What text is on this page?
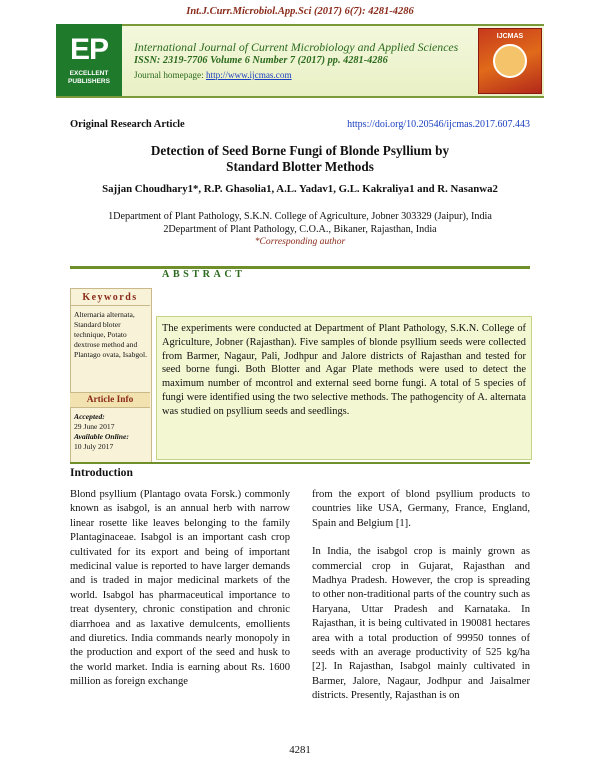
Int.J.Curr.Microbiol.App.Sci (2017) 6(7): 4281-4286
EP
EXCELLENT PUBLISHERS
International Journal of Current Microbiology and Applied Sciences
ISSN: 2319-7706 Volume 6 Number 7 (2017) pp. 4281-4286
Journal homepage: http://www.ijcmas.com
IJCMAS
Original Research Article	https://doi.org/10.20546/ijcmas.2017.607.443
Detection of Seed Borne Fungi of Blonde Psyllium by
Standard Blotter Methods
Sajjan Choudhary1*, R.P. Ghasolia1, A.L. Yadav1, G.L. Kakraliya1 and R. Nasanwa2
1Department of Plant Pathology, S.K.N. College of Agriculture, Jobner 303329 (Jaipur), India
2Department of Plant Pathology, C.O.A., Bikaner, Rajasthan, India
*Corresponding author
ABSTRACT
Keywords
Alternaria alternata, Standard bloter technique, Potato dextrose method and Plantago ovata, Isabgol.
Article Info
Accepted:
29 June 2017
Available Online:
10 July 2017
The experiments were conducted at Department of Plant Pathology, S.K.N. College of Agriculture, Jobner (Rajasthan). Five samples of blonde psyllium seeds were collected from Barmer, Nagaur, Pali, Jodhpur and Jalore districts of Rajasthan and tested for seed borne fungi. Both Blotter and Agar Plate methods were used to detect the maximum number of mcontrol and external seed borne fungi. A total of 5 species of fungi were identified using the two selective methods. The pathogencity of A. alternata was studied on psyllium seeds and seedlings.
Introduction

Blond psyllium (Plantago ovata Forsk.) commonly known as isabgol, is an annual herb with narrow linear rosette like leaves belonging to the family Plantaginaceae. Isabgol is an important cash crop cultivated for its export and being of important medicinal value is reported to have larger demands and is traded in major medicinal markets of the world. Isabgol has pharmaceutical importance to treat dysentery, chronic constipation and chronic diarrhoea and as laxative demulcents, emollients and diuretics. India commands nearly monopoly in the production and export of the seed and husk to the world market. India is earning about Rs. 1600 million as foreign exchange

from the export of blond psyllium products to countries like USA, Germany, France, England, Spain and Belgium [1].

In India, the isabgol crop is mainly grown as commercial crop in Gujarat, Rajasthan and Madhya Pradesh. However, the crop is spreading to other non-traditional parts of the country such as Haryana, Uttar Pradesh and Karnataka. In Rajasthan, it is being cultivated in 190081 hectares area with a total production of 99950 tonnes of seeds with an average productivity of 525 kg/ha [2]. In Rajasthan, Isabgol mainly cultivated in Barmer, Jalore, Nagaur, Jodhpur and Jaisalmer districts. Presently, Rajasthan is on

4281
